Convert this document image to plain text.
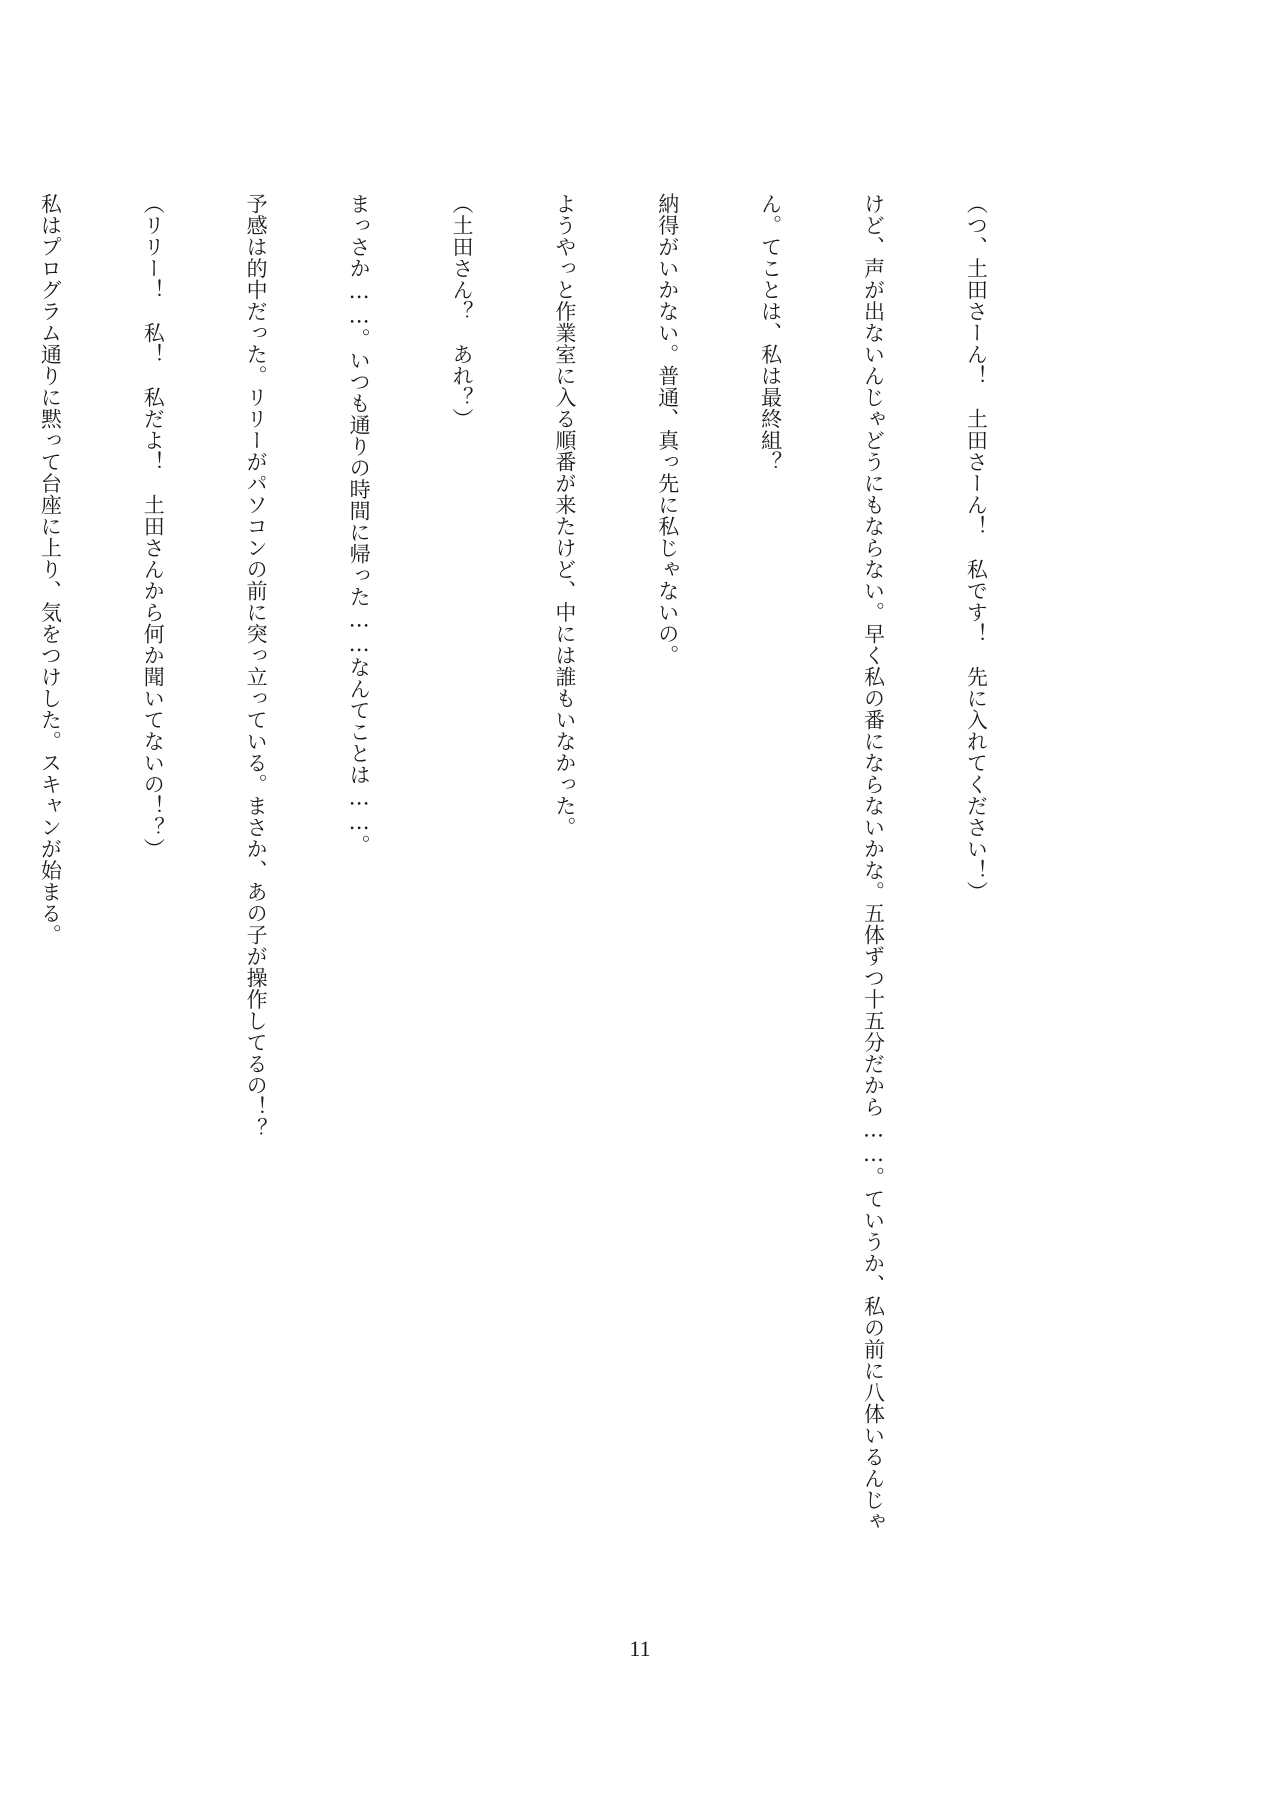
（つ、土田さーん！　土田さーん！　私です！　先に入れてください！）

けど、声が出ないんじゃどうにもならない。早く私の番にならないかな。五体ずつ十五分だから……。ていうか、私の前に八体いるんじゃ

ん。てことは、私は最終組？

納得がいかない。普通、真っ先に私じゃないの。

ようやっと作業室に入る順番が来たけど、中には誰もいなかった。

（土田さん？　あれ？）

まっさか……。いつも通りの時間に帰った……なんてことは……。

予感は的中だった。リリーがパソコンの前に突っ立っている。まさか、あの子が操作してるの！？

（リリー！　私！　私だよ！　土田さんから何か聞いてないの！？）

私はプログラム通りに黙って台座に上り、気をつけした。スキャンが始まる。

11
